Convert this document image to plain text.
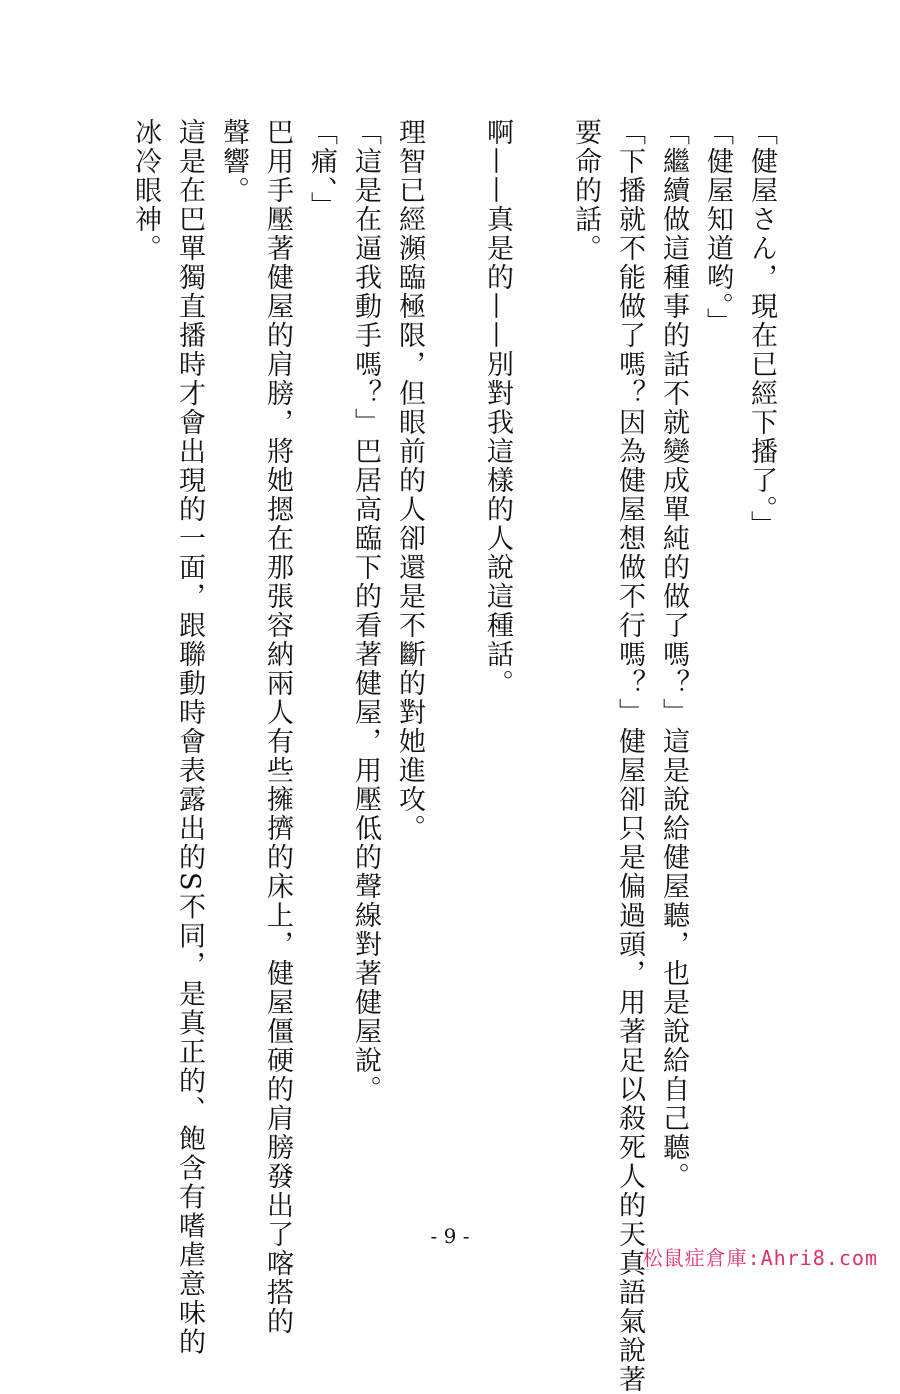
「健屋さん，現在已經下播了。」

「健屋知道哟。」

「繼續做這種事的話不就變成單純的做了嗎？」這是說給健屋聽，也是說給自己聽。

「下播就不能做了嗎？因為健屋想做不行嗎？」健屋卻只是偏過頭，用著足以殺死人的天真語氣說著

要命的話。

啊——真是的——別對我這樣的人說這種話。

理智已經瀕臨極限，但眼前的人卻還是不斷的對她進攻。

「這是在逼我動手嗎？」巴居高臨下的看著健屋，用壓低的聲線對著健屋說。

「痛、」

巴用手壓著健屋的肩膀，將她摁在那張容納兩人有些擁擠的床上，健屋僵硬的肩膀發出了喀搭的

聲響。

這是在巴單獨直播時才會出現的一面，跟聯動時會表露出的S不同，是真正的、飽含有嗜虐意味的

冰冷眼神。

- 9 -
松鼠症倉庫:Ahri8.com
